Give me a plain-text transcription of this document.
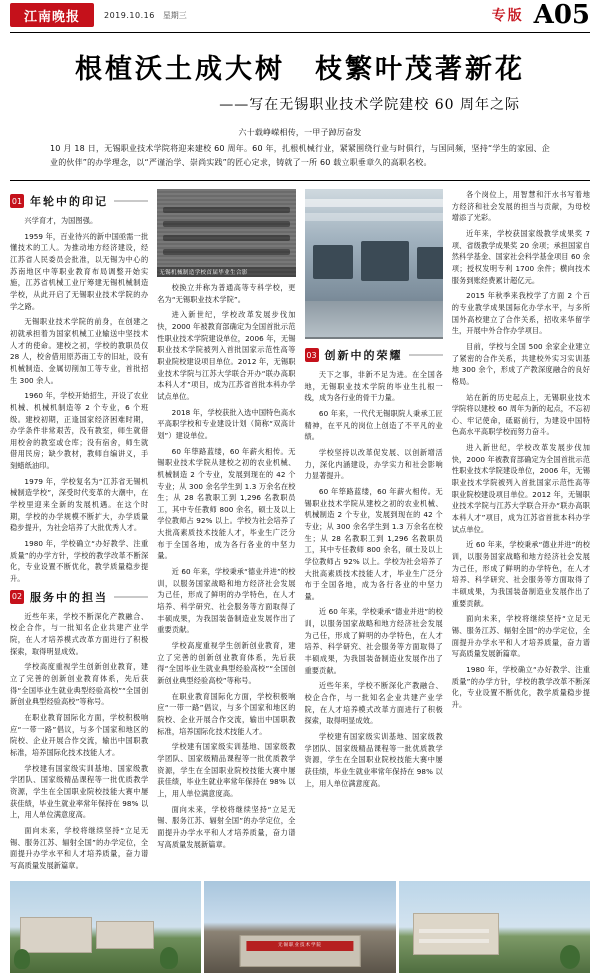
江南晚报	2019.10.16 星期三	专版 A05
根植沃土成大树　枝繁叶茂著新花
——写在无锡职业技术学院建校 60 周年之际
六十载峥嵘相传，一甲子踔厉奋发
10 月 18 日，无锡职业技术学院将迎来建校 60 周年。60 年，扎根机械行业，紧紧围绕行业与时俱行，与国同频，坚持“学生的家园、企业的伙伴”的办学理念，以“严谨治学、崇尚实践”的匠心定求，铸就了一所 60 载立职垂章久的高职名校。
01 年轮中的印记

兴学育才，为国图强。

1959 年，百业待兴的新中国亟需一批懂技术的工人。为推动地方经济建设，经江苏省人民委员会批准，以无锡为中心的苏南地区中等职业教育布局调整开始实施，江苏省机械工业厅筹建无锡机械制造学校，从此开启了无锡职业技术学院的办学之路。

无锡职业技术学院的前身，在创建之初就承担着为国家机械工业输送中坚技术人才的使命。建校之初，学校的教职员仅 28 人，校舍借用原苏南工专的旧址，设有机械制造、金属切削加工等专业，首批招生 300 余人。

1960 年，学校开始招生，开设了农业机械、机械机制造等 2 个专业，6 个班级。建校初期，正逢国家经济困难时期，办学条件非常艰苦，没有教室，师生就借用校舍的教室或仓库；没有宿舍，师生就借用民房；缺少教材，教师自编讲义，手刻蜡纸油印。

1979 年，学校复名为“江苏省无锡机械制造学校”，深受时代变革的大潮中，在学校里迎来全新的发展机遇。在这个时期，学校的办学规模不断扩大，办学质量稳步提升，为社会培养了大批优秀人才。

1980 年，学校确立“办好教学、注重质量”的办学方针，学校的教学改革不断深化，专业设置不断优化，教学质量稳步提升。

02 服务中的担当

近些年来，学校不断深化产教融合、校企合作，与一批知名企业共建产业学院，在人才培养模式改革方面进行了积极探索，取得明显成效。

学校高度重视学生创新创业教育，建立了完善的创新创业教育体系，先后获得“全国毕业生就业典型经验高校”“全国创新创业典型经验高校”等称号。

在职业教育国际化方面，学校积极响应“一带一路”倡议，与多个国家和地区的院校、企业开展合作交流，输出中国职教标准，培养国际化技术技能人才。

学校建有国家级实训基地、国家级教学团队、国家级精品课程等一批优质教学资源，学生在全国职业院校技能大赛中屡获佳绩，毕业生就业率常年保持在 98% 以上，用人单位满意度高。

面向未来，学校将继续坚持“立足无锡、服务江苏、辐射全国”的办学定位，全面提升办学水平和人才培养质量，奋力谱写高质量发展新篇章。

无锡机械制造学校首届毕业生合影

校换立并称为普通高等专科学校，更名为“无锡职业技术学院”。

进入新世纪，学校改革发展步伐加快，2000 年被教育部确定为全国首批示范性职业技术学院建设单位，2006 年，无锡职业技术学院被列入首批国家示范性高等职业院校建设项目单位。2012 年，无锡职业技术学院与江苏大学联合开办“联办高职本科人才”项目，成为江苏省首批本科办学试点单位。

2018 年，学校获批入选中国特色高水平高职学校和专业建设计划（简称“双高计划”）建设单位。

60 年筚路蓝缕，60 年薪火相传。无锡职业技术学院从建校之初的农业机械、机械制造 2 个专业，发展到现在的 42 个专业；从 300 余名学生到 1.3 万余名在校生；从 28 名教职工到 1,296 名教职员工，其中专任教师 800 余名，硕士及以上学位教师占 92% 以上。学校为社会培养了大批高素质技术技能人才，毕业生广泛分布于全国各地，成为各行各业的中坚力量。

近 60 年来，学校秉承“德业并进”的校训，以服务国家战略和地方经济社会发展为己任，形成了鲜明的办学特色，在人才培养、科学研究、社会服务等方面取得了丰硕成果，为我国装备制造业发展作出了重要贡献。

学校高度重视学生创新创业教育，建立了完善的创新创业教育体系，先后获得“全国毕业生就业典型经验高校”“全国创新创业典型经验高校”等称号。

在职业教育国际化方面，学校积极响应“一带一路”倡议，与多个国家和地区的院校、企业开展合作交流，输出中国职教标准，培养国际化技术技能人才。

学校建有国家级实训基地、国家级教学团队、国家级精品课程等一批优质教学资源，学生在全国职业院校技能大赛中屡获佳绩，毕业生就业率常年保持在 98% 以上，用人单位满意度高。

面向未来，学校将继续坚持“立足无锡、服务江苏、辐射全国”的办学定位，全面提升办学水平和人才培养质量，奋力谱写高质量发展新篇章。

03 创新中的荣耀

天下之事，非新不足为进。在全国各地，无锡职业技术学院的毕业生扎根一线，成为各行业的骨干力量。

60 年来，一代代无锡职院人秉承工匠精神，在平凡的岗位上创造了不平凡的业绩。

学校坚持以改革促发展、以创新增活力，深化内涵建设，办学实力和社会影响力显著提升。

60 年筚路蓝缕，60 年薪火相传。无锡职业技术学院从建校之初的农业机械、机械制造 2 个专业，发展到现在的 42 个专业；从 300 余名学生到 1.3 万余名在校生；从 28 名教职工到 1,296 名教职员工，其中专任教师 800 余名，硕士及以上学位教师占 92% 以上。学校为社会培养了大批高素质技术技能人才，毕业生广泛分布于全国各地，成为各行各业的中坚力量。

近 60 年来，学校秉承“德业并进”的校训，以服务国家战略和地方经济社会发展为己任，形成了鲜明的办学特色，在人才培养、科学研究、社会服务等方面取得了丰硕成果，为我国装备制造业发展作出了重要贡献。

近些年来，学校不断深化产教融合、校企合作，与一批知名企业共建产业学院，在人才培养模式改革方面进行了积极探索，取得明显成效。

学校建有国家级实训基地、国家级教学团队、国家级精品课程等一批优质教学资源，学生在全国职业院校技能大赛中屡获佳绩，毕业生就业率常年保持在 98% 以上，用人单位满意度高。

各个岗位上，用智慧和汗水书写着地方经济和社会发展的担当与贡献，为母校增添了光彩。

近年来，学校获国家级教学成果奖 7 项、省级教学成果奖 20 余项；承担国家自然科学基金、国家社会科学基金项目 60 余项；授权发明专利 1700 余件；横向技术服务到账经费累计超亿元。

2015 年秋季来我校学了方面 2 个百的专业教学成果国际化办学水平，与多所国外高校建立了合作关系，招收来华留学生，开展中外合作办学项目。

目前，学校与全国 500 余家企业建立了紧密的合作关系，共建校外实习实训基地 300 余个，形成了产教深度融合的良好格局。

站在新的历史起点上，无锡职业技术学院将以建校 60 周年为新的起点，不忘初心、牢记使命，砥砺前行，为建设中国特色高水平高职学校而努力奋斗。

进入新世纪，学校改革发展步伐加快，2000 年被教育部确定为全国首批示范性职业技术学院建设单位，2006 年，无锡职业技术学院被列入首批国家示范性高等职业院校建设项目单位。2012 年，无锡职业技术学院与江苏大学联合开办“联办高职本科人才”项目，成为江苏省首批本科办学试点单位。

近 60 年来，学校秉承“德业并进”的校训，以服务国家战略和地方经济社会发展为己任，形成了鲜明的办学特色，在人才培养、科学研究、社会服务等方面取得了丰硕成果，为我国装备制造业发展作出了重要贡献。

面向未来，学校将继续坚持“立足无锡、服务江苏、辐射全国”的办学定位，全面提升办学水平和人才培养质量，奋力谱写高质量发展新篇章。

1980 年，学校确立“办好教学、注重质量”的办学方针，学校的教学改革不断深化，专业设置不断优化，教学质量稳步提升。

无锡职业技术学院
